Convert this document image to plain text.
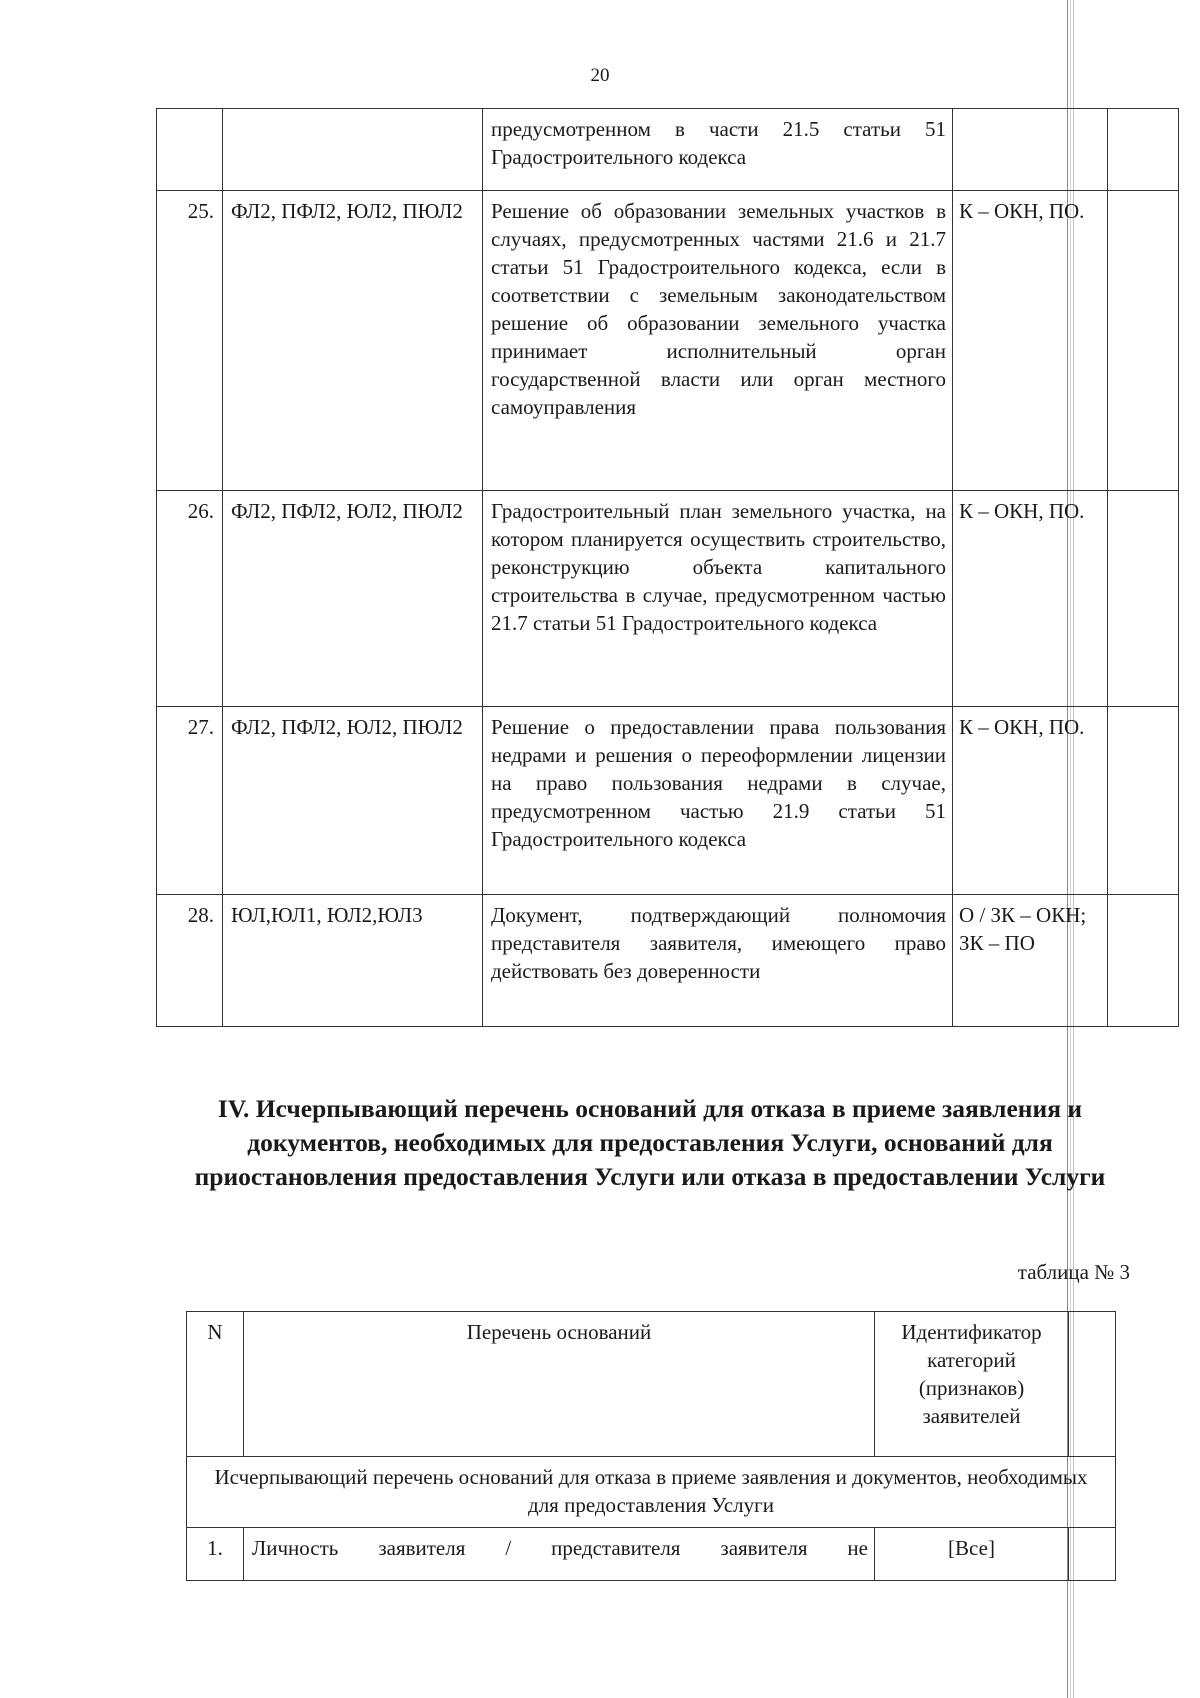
20
		предусмотренном в части 21.5 статьи 51 Градостроительного кодекса		
25.	ФЛ2, ПФЛ2, ЮЛ2, ПЮЛ2	Решение об образовании земельных участков в случаях, предусмотренных частями 21.6 и 21.7 статьи 51 Градостроительного кодекса, если в соответствии с земельным законодательством решение об образовании земельного участка принимает исполнительный орган государственной власти или орган местного самоуправления	К – ОКН, ПО.	
26.	ФЛ2, ПФЛ2, ЮЛ2, ПЮЛ2	Градостроительный план земельного участка, на котором планируется осуществить строительство, реконструкцию объекта капитального строительства в случае, предусмотренном частью 21.7 статьи 51 Градостроительного кодекса	К – ОКН, ПО.	
27.	ФЛ2, ПФЛ2, ЮЛ2, ПЮЛ2	Решение о предоставлении права пользования недрами и решения о переоформлении лицензии на право пользования недрами в случае, предусмотренном частью 21.9 статьи 51 Градостроительного кодекса	К – ОКН, ПО.	
28.	ЮЛ,ЮЛ1, ЮЛ2,ЮЛ3	Документ, подтверждающий полномочия представителя заявителя, имеющего право действовать без доверенности	О / ЗК – ОКН;
ЗК – ПО	
IV. Исчерпывающий перечень оснований для отказа в приеме заявления и документов, необходимых для предоставления Услуги, оснований для приостановления предоставления Услуги или отказа в предоставлении Услуги
таблица № 3
N	Перечень оснований	Идентификатор категорий (признаков) заявителей	
Исчерпывающий перечень оснований для отказа в приеме заявления и документов, необходимых для предоставления Услуги			
1.	Личность заявителя / представителя заявителя не	[Все]	
